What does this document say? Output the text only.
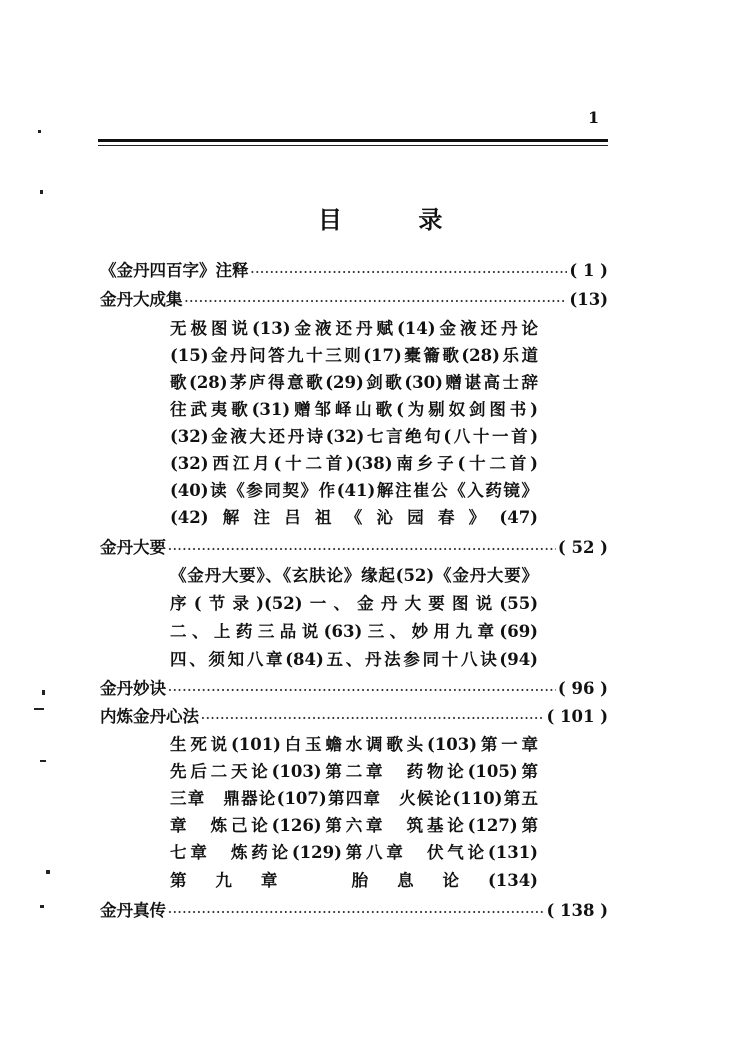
1
目 录
《金丹四百字》注释 ·····	( 1 )
金丹大成集 ·····	(13)
无极图说(13)金液还丹赋(14)金液还丹论
(15)金丹问答九十三则(17)橐籥歌(28)乐道
歌(28)茅庐得意歌(29)剑歌(30)赠谌高士辞
往武夷歌(31)赠邹峄山歌(为剔奴剑图书)
(32)金液大还丹诗(32)七言绝句(八十一首)
(32)西江月(十二首)(38)南乡子(十二首)
(40)读《参同契》作(41)解注崔公《入药镜》
(42)解注吕祖《沁园春》(47)
金丹大要 ·····	( 52 )
《金丹大要》、《玄肤论》缘起(52)《金丹大要》
序(节录)(52)一、金丹大要图说(55)
二、上药三品说(63)三、妙用九章(69)
四、须知八章(84)五、丹法参同十八诀(94)
金丹妙诀 ·····	( 96 )
内炼金丹心法 ·····	( 101 )
生死说(101)白玉蟾水调歌头(103)第一章
先后二天论(103)第二章　药物论(105)第
三章　鼎器论(107)第四章　火候论(110)第五
章　炼己论(126)第六章　筑基论(127)第
七章　炼药论(129)第八章　伏气论(131)
第九章　胎息论(134)
金丹真传 ·····	( 138 )
